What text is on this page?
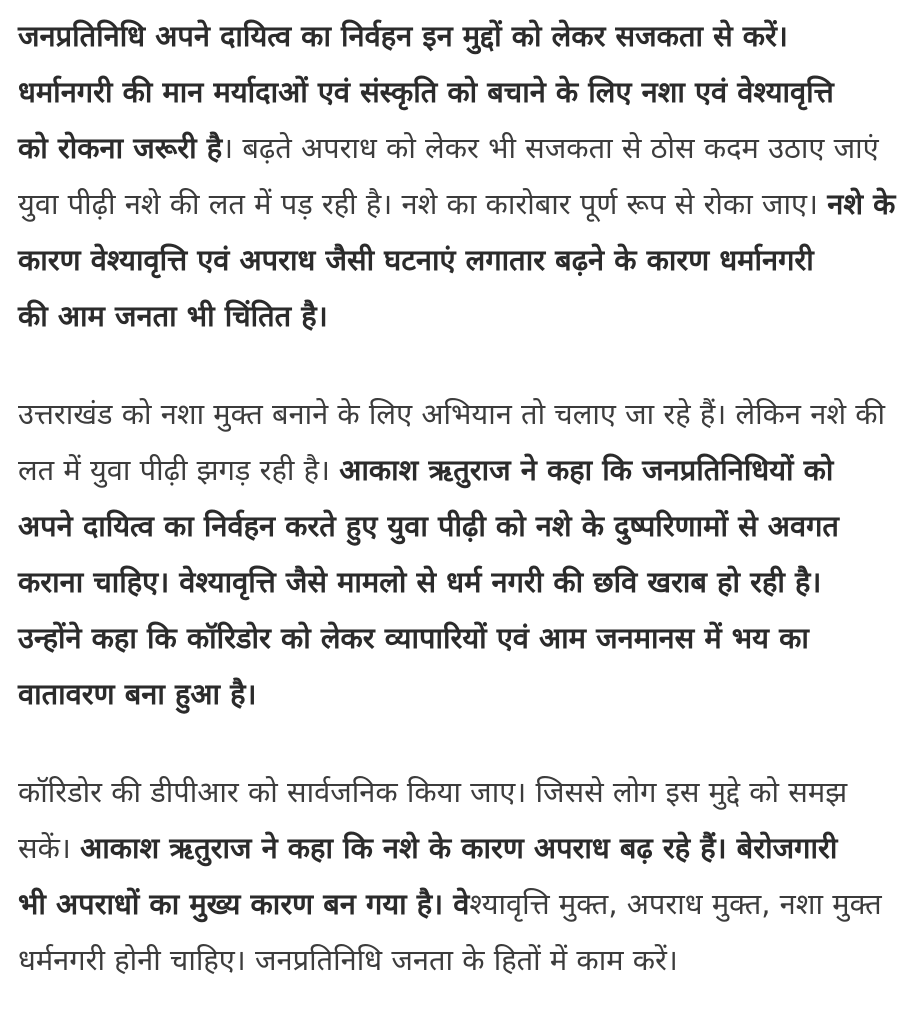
जनप्रतिनिधि अपने दायित्व का निर्वहन इन मुद्दों को लेकर सजकता से करें।
धर्मानगरी की मान मर्यादाओं एवं संस्कृति को बचाने के लिए नशा एवं वेश्यावृत्ति
को रोकना जरूरी है। बढ़ते अपराध को लेकर भी सजकता से ठोस कदम उठाए जाएं
युवा पीढ़ी नशे की लत में पड़ रही है। नशे का कारोबार पूर्ण रूप से रोका जाए। नशे के
कारण वेश्यावृत्ति एवं अपराध जैसी घटनाएं लगातार बढ़ने के कारण धर्मानगरी
की आम जनता भी चिंतित है।
उत्तराखंड को नशा मुक्त बनाने के लिए अभियान तो चलाए जा रहे हैं। लेकिन नशे की
लत में युवा पीढ़ी झगड़ रही है। आकाश ऋतुराज ने कहा कि जनप्रतिनिधियों को
अपने दायित्व का निर्वहन करते हुए युवा पीढ़ी को नशे के दुष्परिणामों से अवगत
कराना चाहिए। वेश्यावृत्ति जैसे मामलो से धर्म नगरी की छवि खराब हो रही है।
उन्होंने कहा कि कॉरिडोर को लेकर व्यापारियों एवं आम जनमानस में भय का
वातावरण बना हुआ है।
कॉरिडोर की डीपीआर को सार्वजनिक किया जाए। जिससे लोग इस मुद्दे को समझ
सकें। आकाश ऋतुराज ने कहा कि नशे के कारण अपराध बढ़ रहे हैं। बेरोजगारी
भी अपराधों का मुख्य कारण बन गया है। वेश्यावृत्ति मुक्त, अपराध मुक्त, नशा मुक्त
धर्मनगरी होनी चाहिए। जनप्रतिनिधि जनता के हितों में काम करें।
